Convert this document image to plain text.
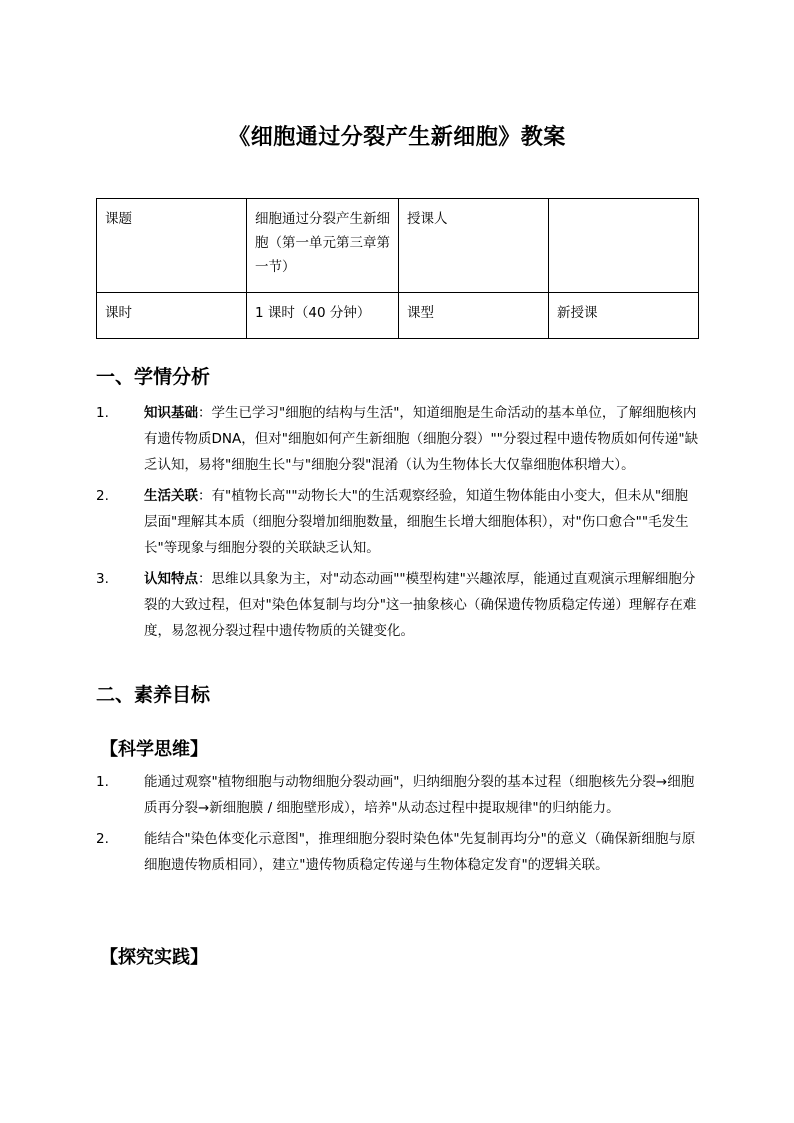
《细胞通过分裂产生新细胞》教案
课题	细胞通过分裂产生新细胞（第一单元第三章第一节）	授课人	
课时	1 课时（40 分钟）	课型	新授课
一、学情分析
1.	知识基础：学生已学习"细胞的结构与生活"，知道细胞是生命活动的基本单位，了解细胞核内有遗传物质DNA，但对"细胞如何产生新细胞（细胞分裂）""分裂过程中遗传物质如何传递"缺乏认知，易将"细胞生长"与"细胞分裂"混淆（认为生物体长大仅靠细胞体积增大）。
2.	生活关联：有"植物长高""动物长大"的生活观察经验，知道生物体能由小变大，但未从"细胞层面"理解其本质（细胞分裂增加细胞数量，细胞生长增大细胞体积），对"伤口愈合""毛发生长"等现象与细胞分裂的关联缺乏认知。
3.	认知特点：思维以具象为主，对"动态动画""模型构建"兴趣浓厚，能通过直观演示理解细胞分裂的大致过程，但对"染色体复制与均分"这一抽象核心（确保遗传物质稳定传递）理解存在难度，易忽视分裂过程中遗传物质的关键变化。
二、素养目标
【科学思维】
1.	能通过观察"植物细胞与动物细胞分裂动画"，归纳细胞分裂的基本过程（细胞核先分裂→细胞质再分裂→新细胞膜 / 细胞壁形成），培养"从动态过程中提取规律"的归纳能力。
2.	能结合"染色体变化示意图"，推理细胞分裂时染色体"先复制再均分"的意义（确保新细胞与原细胞遗传物质相同），建立"遗传物质稳定传递与生物体稳定发育"的逻辑关联。
【探究实践】
